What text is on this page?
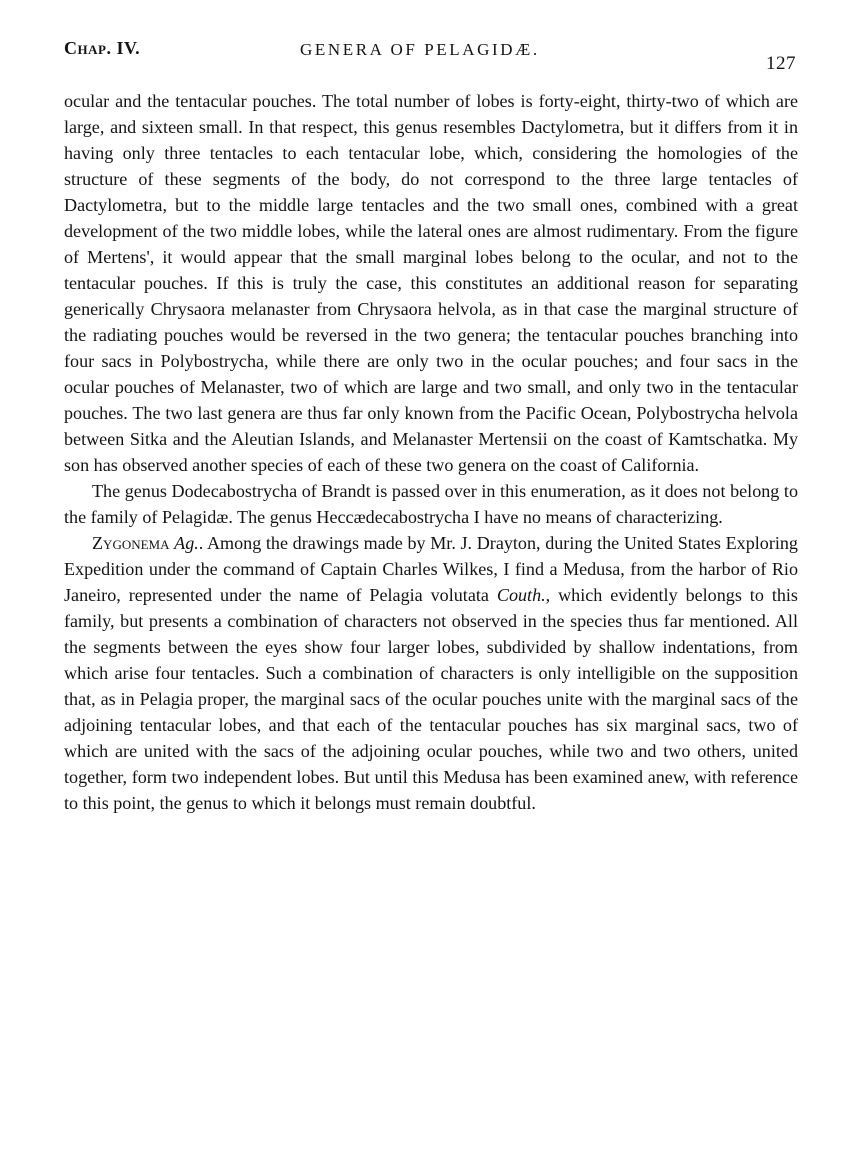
Chap. IV.	GENERA OF PELAGIDÆ.
127

ocular and the tentacular pouches. The total number of lobes is forty-eight, thirty-two of which are large, and sixteen small. In that respect, this genus resembles Dactylometra, but it differs from it in having only three tentacles to each tentacular lobe, which, considering the homologies of the structure of these segments of the body, do not correspond to the three large tentacles of Dactylometra, but to the middle large tentacles and the two small ones, combined with a great development of the two middle lobes, while the lateral ones are almost rudimentary. From the figure of Mertens', it would appear that the small marginal lobes belong to the ocular, and not to the tentacular pouches. If this is truly the case, this constitutes an additional reason for separating generically Chrysaora melanaster from Chrysaora helvola, as in that case the marginal structure of the radiating pouches would be reversed in the two genera; the tentacular pouches branching into four sacs in Polybostrycha, while there are only two in the ocular pouches; and four sacs in the ocular pouches of Melanaster, two of which are large and two small, and only two in the tentacular pouches. The two last genera are thus far only known from the Pacific Ocean, Polybostrycha helvola between Sitka and the Aleutian Islands, and Melanaster Mertensii on the coast of Kamtschatka. My son has observed another species of each of these two genera on the coast of California.

The genus Dodecabostrycha of Brandt is passed over in this enumeration, as it does not belong to the family of Pelagidæ. The genus Heccædecabostrycha I have no means of characterizing.

Zygonema Ag.. Among the drawings made by Mr. J. Drayton, during the United States Exploring Expedition under the command of Captain Charles Wilkes, I find a Medusa, from the harbor of Rio Janeiro, represented under the name of Pelagia volutata Couth., which evidently belongs to this family, but presents a combination of characters not observed in the species thus far mentioned. All the segments between the eyes show four larger lobes, subdivided by shallow indentations, from which arise four tentacles. Such a combination of characters is only intelligible on the supposition that, as in Pelagia proper, the marginal sacs of the ocular pouches unite with the marginal sacs of the adjoining tentacular lobes, and that each of the tentacular pouches has six marginal sacs, two of which are united with the sacs of the adjoining ocular pouches, while two and two others, united together, form two independent lobes. But until this Medusa has been examined anew, with reference to this point, the genus to which it belongs must remain doubtful.
